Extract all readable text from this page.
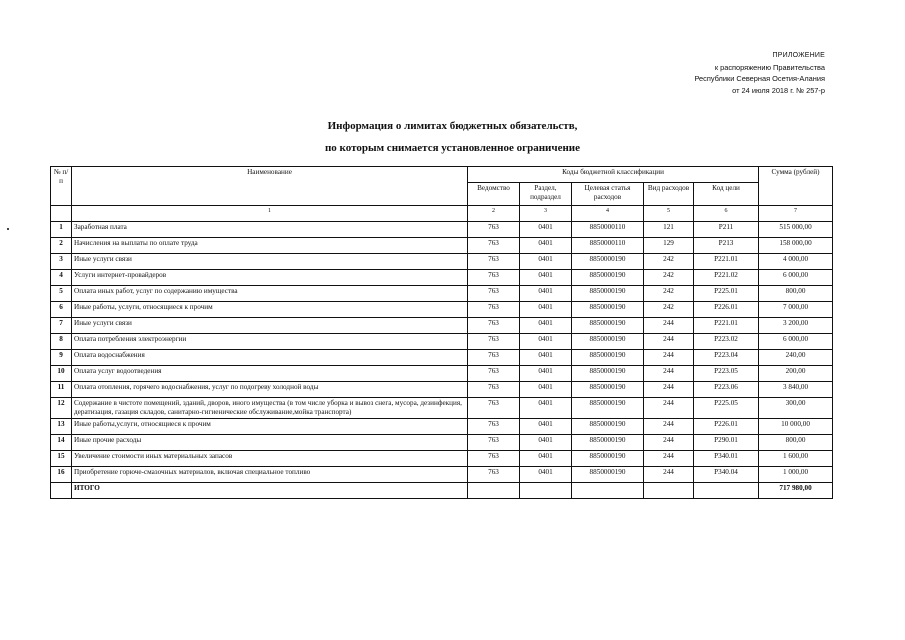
ПРИЛОЖЕНИЕ
к распоряжению Правительства
Республики Северная Осетия-Алания
от 24 июля 2018 г. № 257-р
Информация о лимитах бюджетных обязательств,
по которым снимается установленное ограничение
№ п/п	Наименование	Коды бюджетной классификации					Сумма (рублей)
		Ведомство	Раздел, подраздел	Целевая статья расходов	Вид расходов	Код цели	
	1	2	3	4	5	6	7
1	Заработная плата	763	0401	8850000110	121	Р211	515 000,00
2	Начисления на выплаты по оплате труда	763	0401	8850000110	129	Р213	158 000,00
3	Иные услуги связи	763	0401	8850000190	242	Р221.01	4 000,00
4	Услуги интернет-провайдеров	763	0401	8850000190	242	Р221.02	6 000,00
5	Оплата иных работ, услуг по содержанию имущества	763	0401	8850000190	242	Р225.01	800,00
6	Иные работы, услуги, относящиеся к прочим	763	0401	8850000190	242	Р226.01	7 000,00
7	Иные услуги связи	763	0401	8850000190	244	Р221.01	3 200,00
8	Оплата потребления электроэнергии	763	0401	8850000190	244	Р223.02	6 000,00
9	Оплата водоснабжения	763	0401	8850000190	244	Р223.04	240,00
10	Оплата услуг водоотведения	763	0401	8850000190	244	Р223.05	200,00
11	Оплата отопления, горячего водоснабжения, услуг по подогреву холодной воды	763	0401	8850000190	244	Р223.06	3 840,00
12	Содержание в чистоте помещений, зданий, дворов, иного имущества (в том числе уборка и вывоз снега, мусора, дезинфекция, дератизация, газация складов, санитарно-гигиенические обслуживание,мойка транспорта)	763	0401	8850000190	244	Р225.05	300,00
13	Иные работы,услуги, относящиеся к прочим	763	0401	8850000190	244	Р226.01	10 000,00
14	Иные прочие расходы	763	0401	8850000190	244	Р290.01	800,00
15	Увеличение стоимости иных материальных запасов	763	0401	8850000190	244	Р340.01	1 600,00
16	Приобретение горюче-смазочных материалов, включая специальное топливо	763	0401	8850000190	244	Р340.04	1 000,00
	ИТОГО						717 980,00
